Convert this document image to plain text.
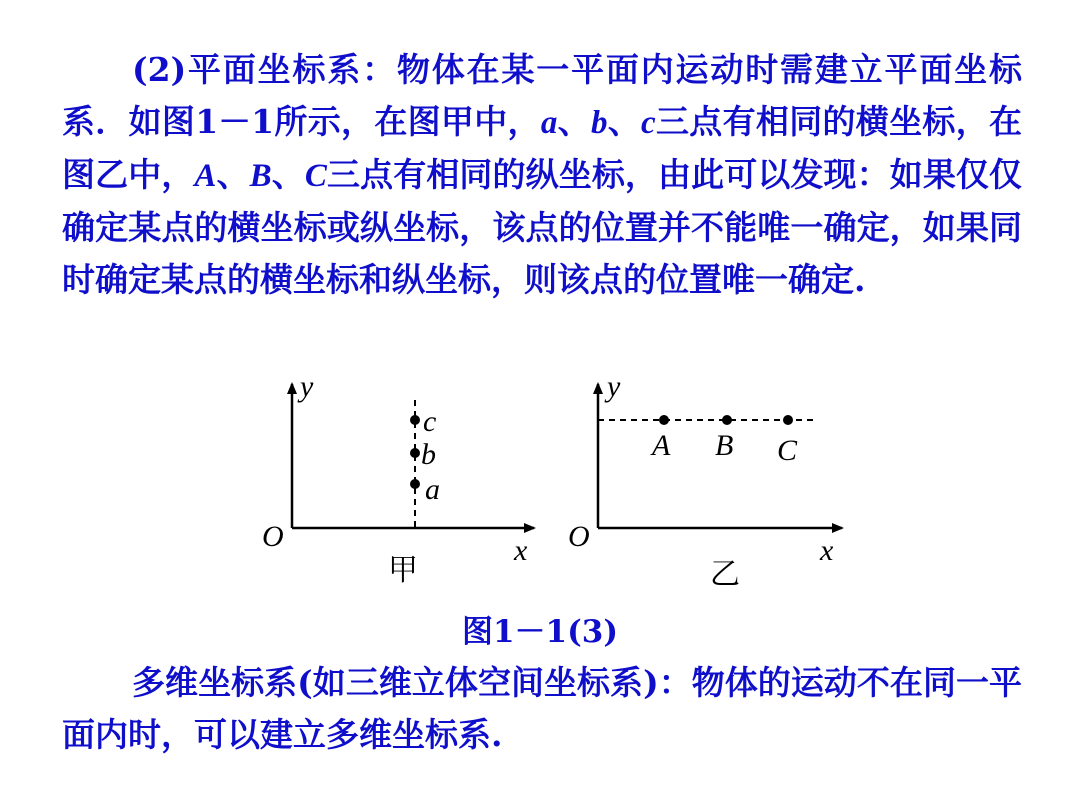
(2)平面坐标系：物体在某一平面内运动时需建立平面坐标系．如图1－1所示，在图甲中，a、b、c三点有相同的横坐标，在图乙中，A、B、C三点有相同的纵坐标，由此可以发现：如果仅仅确定某点的横坐标或纵坐标，该点的位置并不能唯一确定，如果同时确定某点的横坐标和纵坐标，则该点的位置唯一确定.
c
b
a
y
x
O
甲
A B C
y
x
O
乙
图1－1(3)
多维坐标系(如三维立体空间坐标系)：物体的运动不在同一平面内时，可以建立多维坐标系.
